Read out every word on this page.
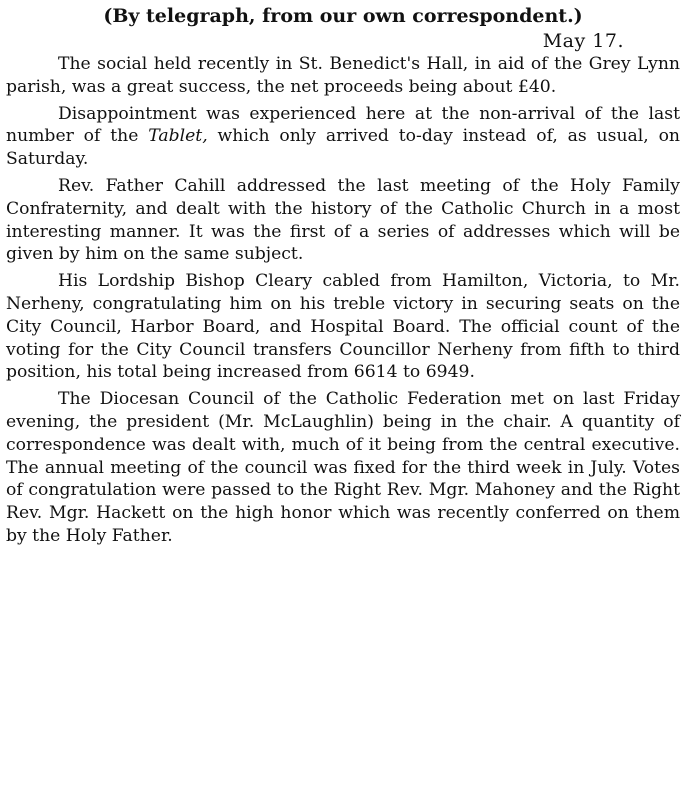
(By telegraph, from our own correspondent.)

May 17.

The social held recently in St. Benedict's Hall, in aid of the Grey Lynn parish, was a great success, the net proceeds being about £40.

Disappointment was experienced here at the non-arrival of the last number of the Tablet, which only arrived to-day instead of, as usual, on Saturday.

Rev. Father Cahill addressed the last meeting of the Holy Family Confraternity, and dealt with the history of the Catholic Church in a most interesting manner. It was the first of a series of addresses which will be given by him on the same subject.

His Lordship Bishop Cleary cabled from Hamilton, Victoria, to Mr. Nerheny, congratulating him on his treble victory in securing seats on the City Council, Harbor Board, and Hospital Board. The official count of the voting for the City Council transfers Councillor Nerheny from fifth to third position, his total being increased from 6614 to 6949.

The Diocesan Council of the Catholic Federation met on last Friday evening, the president (Mr. McLaughlin) being in the chair. A quantity of correspondence was dealt with, much of it being from the central executive. The annual meeting of the council was fixed for the third week in July. Votes of congratulation were passed to the Right Rev. Mgr. Mahoney and the Right Rev. Mgr. Hackett on the high honor which was recently conferred on them by the Holy Father.
